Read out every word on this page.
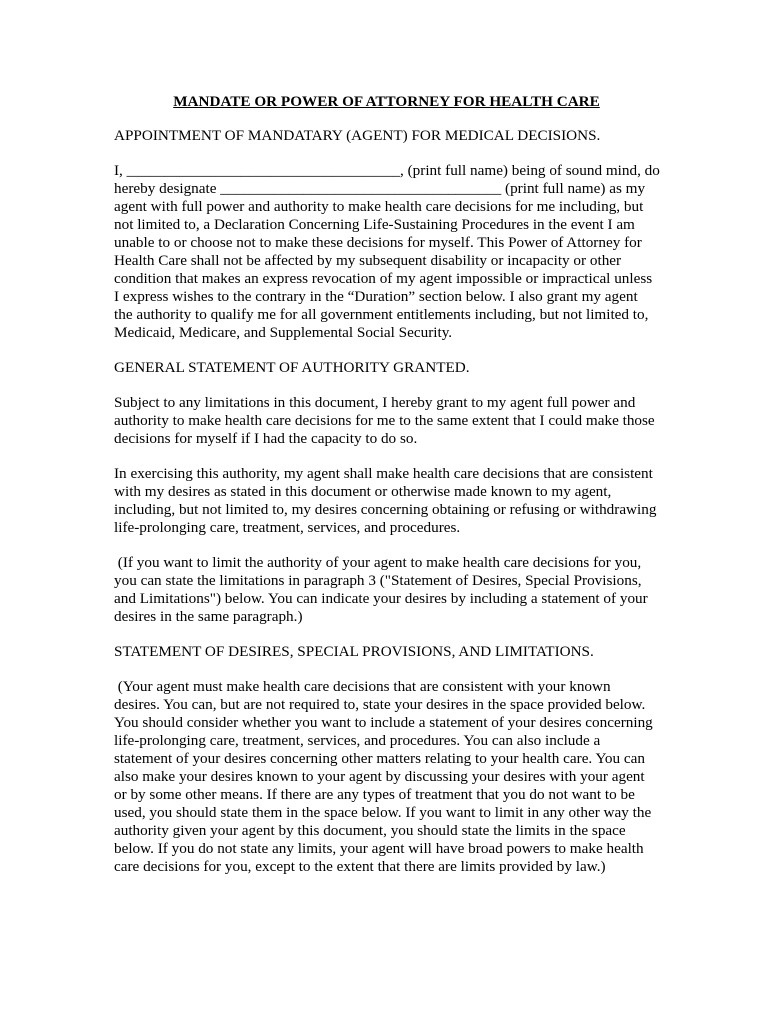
MANDATE OR POWER OF ATTORNEY FOR HEALTH CARE
APPOINTMENT OF MANDATARY (AGENT) FOR MEDICAL DECISIONS.
I, ____________________________________, (print full name) being of sound mind, do
hereby designate _____________________________________ (print full name) as my
agent with full power and authority to make health care decisions for me including, but
not limited to, a Declaration Concerning Life-Sustaining Procedures in the event I am
unable to or choose not to make these decisions for myself. This Power of Attorney for
Health Care shall not be affected by my subsequent disability or incapacity or other
condition that makes an express revocation of my agent impossible or impractical unless
I express wishes to the contrary in the “Duration” section below. I also grant my agent
the authority to qualify me for all government entitlements including, but not limited to,
Medicaid, Medicare, and Supplemental Social Security.
GENERAL STATEMENT OF AUTHORITY GRANTED.
Subject to any limitations in this document, I hereby grant to my agent full power and
authority to make health care decisions for me to the same extent that I could make those
decisions for myself if I had the capacity to do so.
In exercising this authority, my agent shall make health care decisions that are consistent
with my desires as stated in this document or otherwise made known to my agent,
including, but not limited to, my desires concerning obtaining or refusing or withdrawing
life-prolonging care, treatment, services, and procedures.
(If you want to limit the authority of your agent to make health care decisions for you,
you can state the limitations in paragraph 3 ("Statement of Desires, Special Provisions,
and Limitations") below. You can indicate your desires by including a statement of your
desires in the same paragraph.)
STATEMENT OF DESIRES, SPECIAL PROVISIONS, AND LIMITATIONS.
(Your agent must make health care decisions that are consistent with your known
desires. You can, but are not required to, state your desires in the space provided below.
You should consider whether you want to include a statement of your desires concerning
life-prolonging care, treatment, services, and procedures. You can also include a
statement of your desires concerning other matters relating to your health care. You can
also make your desires known to your agent by discussing your desires with your agent
or by some other means. If there are any types of treatment that you do not want to be
used, you should state them in the space below. If you want to limit in any other way the
authority given your agent by this document, you should state the limits in the space
below. If you do not state any limits, your agent will have broad powers to make health
care decisions for you, except to the extent that there are limits provided by law.)
